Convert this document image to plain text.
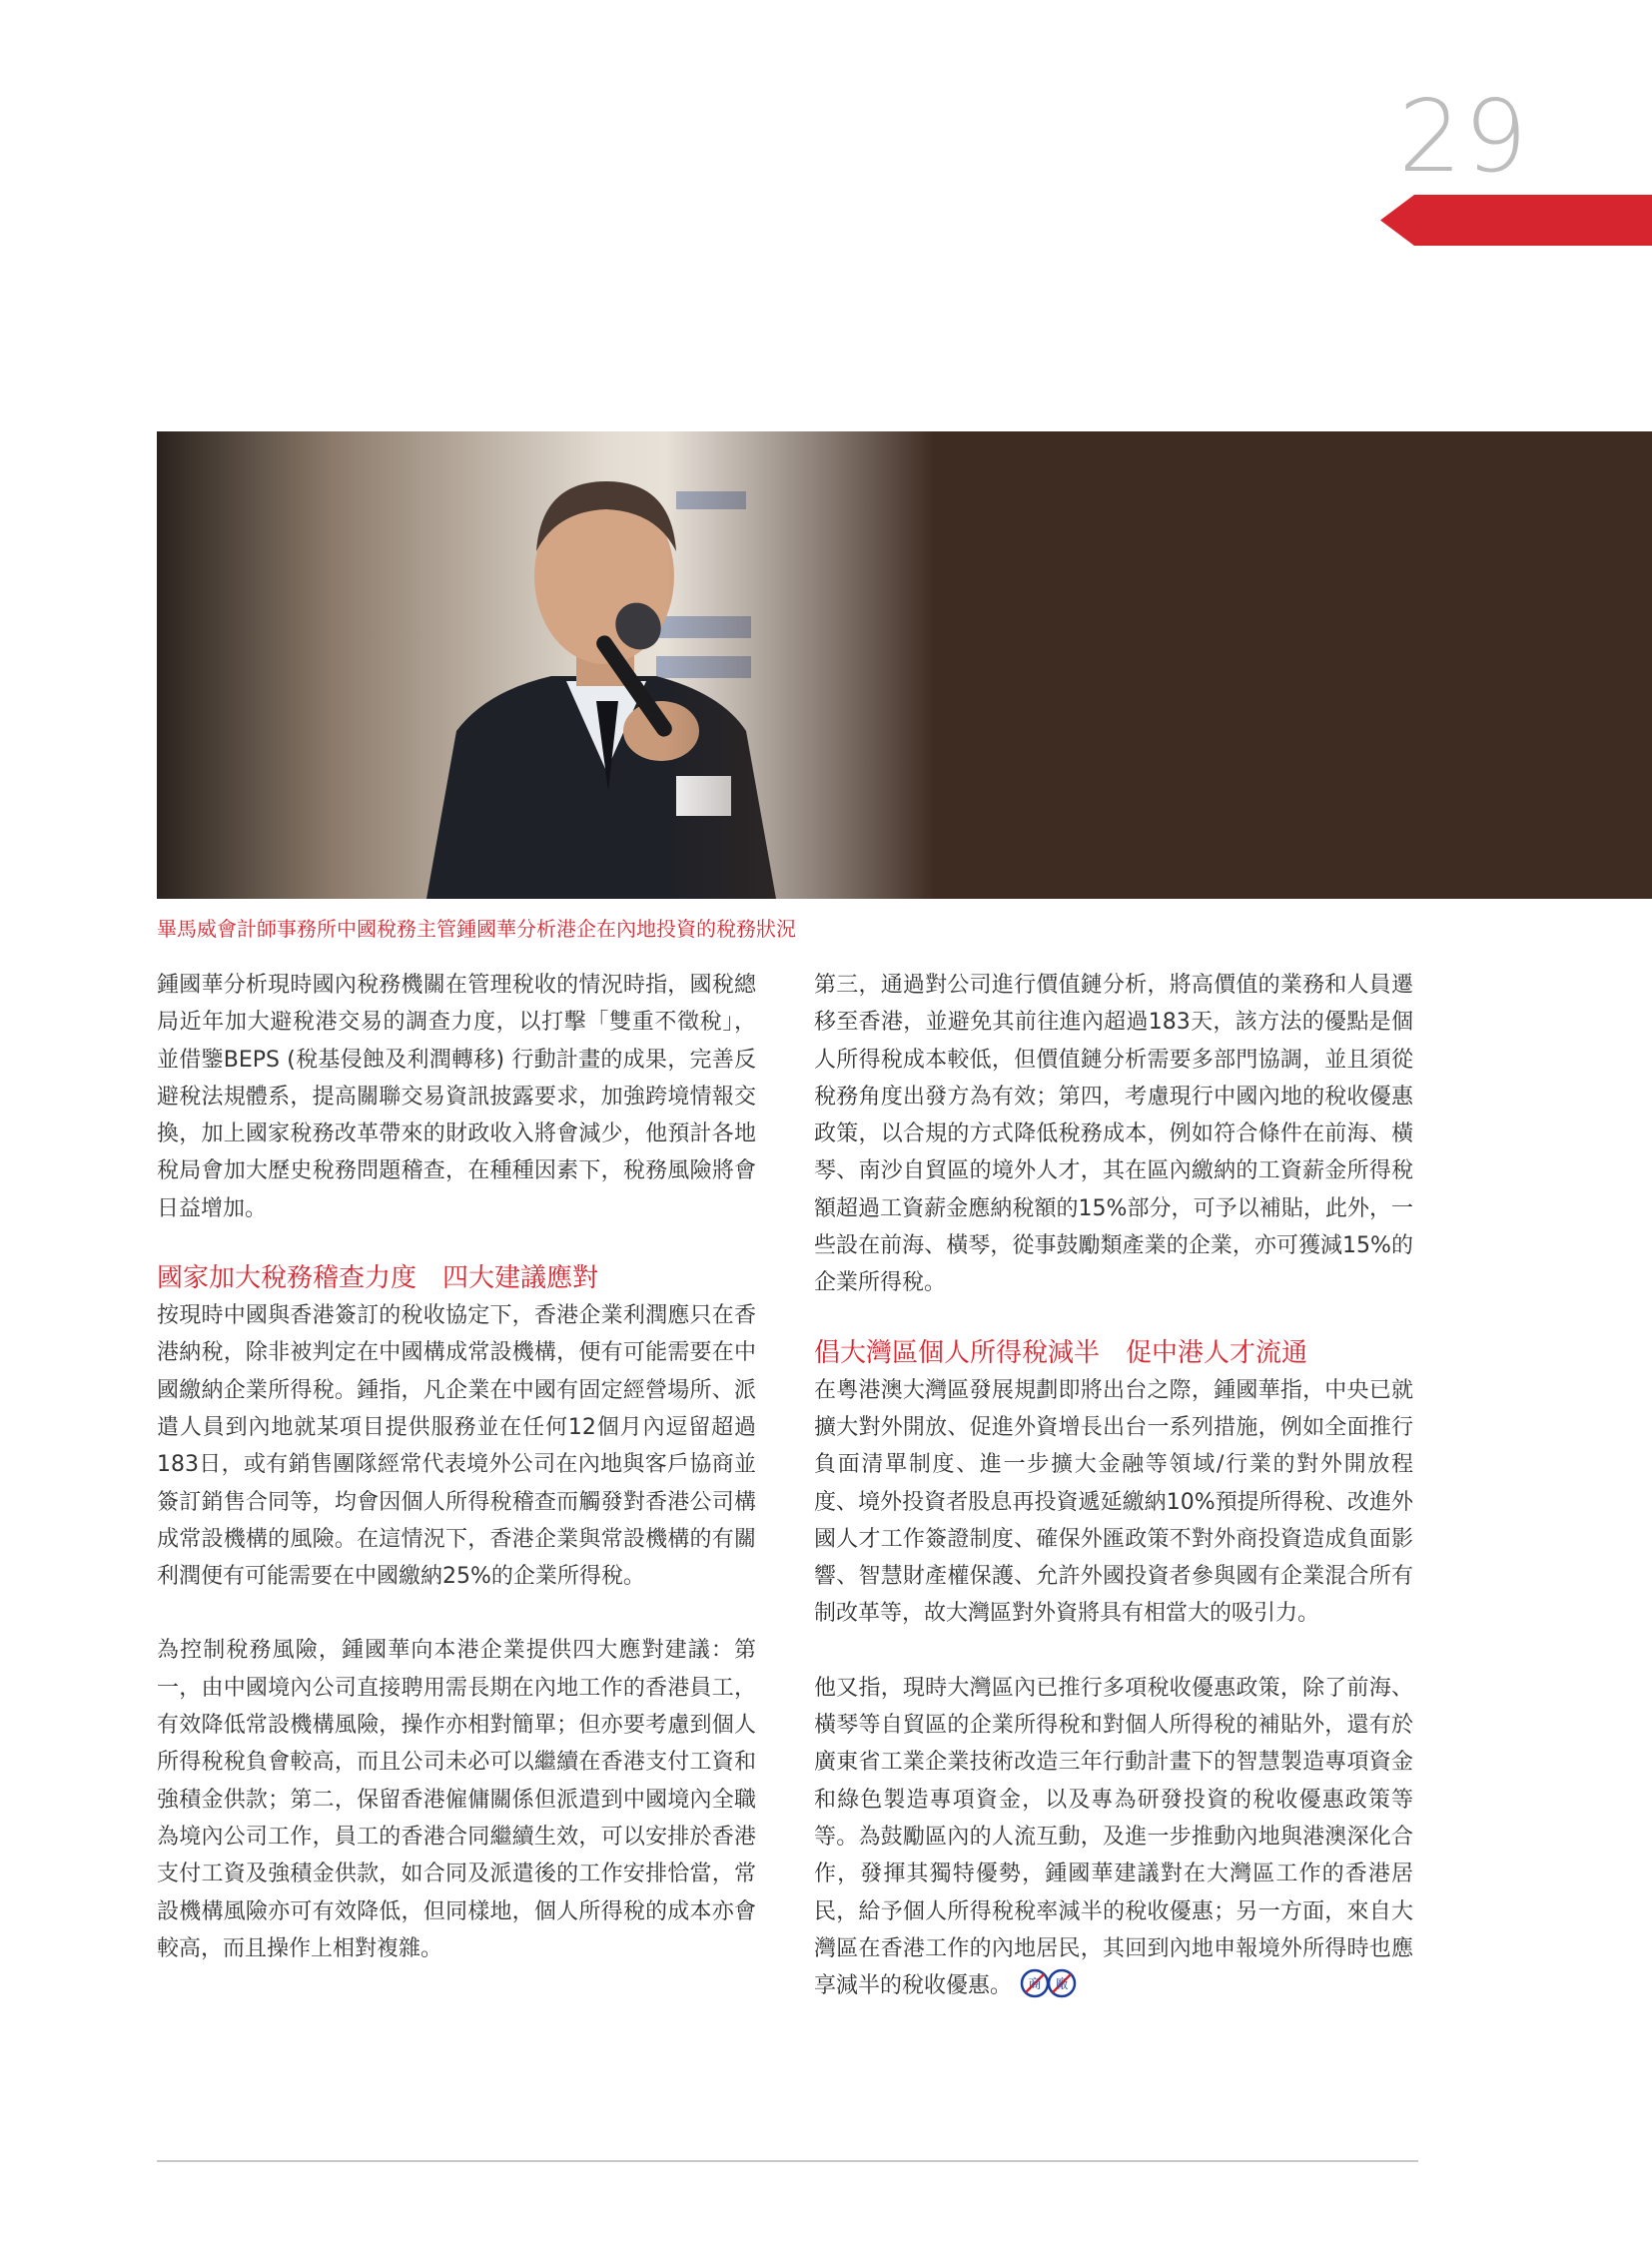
29
畢馬威會計師事務所中國稅務主管鍾國華分析港企在內地投資的稅務狀況

鍾國華分析現時國內稅務機關在管理稅收的情況時指，國稅總局近年加大避稅港交易的調查力度，以打擊「雙重不徵稅」，並借鑒BEPS (稅基侵蝕及利潤轉移) 行動計畫的成果，完善反避稅法規體系，提高關聯交易資訊披露要求，加強跨境情報交換，加上國家稅務改革帶來的財政收入將會減少，他預計各地稅局會加大歷史稅務問題稽查，在種種因素下，稅務風險將會日益增加。

國家加大稅務稽查力度　四大建議應對

按現時中國與香港簽訂的稅收協定下，香港企業利潤應只在香港納稅，除非被判定在中國構成常設機構，便有可能需要在中國繳納企業所得稅。鍾指，凡企業在中國有固定經營場所、派遣人員到內地就某項目提供服務並在任何12個月內逗留超過183日，或有銷售團隊經常代表境外公司在內地與客戶協商並簽訂銷售合同等，均會因個人所得稅稽查而觸發對香港公司構成常設機構的風險。在這情況下，香港企業與常設機構的有關利潤便有可能需要在中國繳納25%的企業所得稅。

為控制稅務風險，鍾國華向本港企業提供四大應對建議：第一，由中國境內公司直接聘用需長期在內地工作的香港員工，有效降低常設機構風險，操作亦相對簡單；但亦要考慮到個人所得稅稅負會較高，而且公司未必可以繼續在香港支付工資和強積金供款；第二，保留香港僱傭關係但派遣到中國境內全職為境內公司工作，員工的香港合同繼續生效，可以安排於香港支付工資及強積金供款，如合同及派遣後的工作安排恰當，常設機構風險亦可有效降低，但同樣地，個人所得稅的成本亦會較高，而且操作上相對複雜。

第三，通過對公司進行價值鏈分析，將高價值的業務和人員遷移至香港，並避免其前往進內超過183天，該方法的優點是個人所得稅成本較低，但價值鏈分析需要多部門協調，並且須從稅務角度出發方為有效；第四，考慮現行中國內地的稅收優惠政策，以合規的方式降低稅務成本，例如符合條件在前海、橫琴、南沙自貿區的境外人才，其在區內繳納的工資薪金所得稅額超過工資薪金應納稅額的15%部分，可予以補貼，此外，一些設在前海、橫琴，從事鼓勵類產業的企業，亦可獲減15%的企業所得稅。

倡大灣區個人所得稅減半　促中港人才流通

在粵港澳大灣區發展規劃即將出台之際，鍾國華指，中央已就擴大對外開放、促進外資增長出台一系列措施，例如全面推行負面清單制度、進一步擴大金融等領域/行業的對外開放程度、境外投資者股息再投資遞延繳納10%預提所得稅、改進外國人才工作簽證制度、確保外匯政策不對外商投資造成負面影響、智慧財產權保護、允許外國投資者參與國有企業混合所有制改革等，故大灣區對外資將具有相當大的吸引力。

他又指，現時大灣區內已推行多項稅收優惠政策，除了前海、橫琴等自貿區的企業所得稅和對個人所得稅的補貼外，還有於廣東省工業企業技術改造三年行動計畫下的智慧製造專項資金和綠色製造專項資金，以及專為研發投資的稅收優惠政策等等。為鼓勵區內的人流互動，及進一步推動內地與港澳深化合作，發揮其獨特優勢，鍾國華建議對在大灣區工作的香港居民，給予個人所得稅稅率減半的稅收優惠；另一方面，來自大灣區在香港工作的內地居民，其回到內地申報境外所得時也應享減半的稅收優惠。 商 廠
